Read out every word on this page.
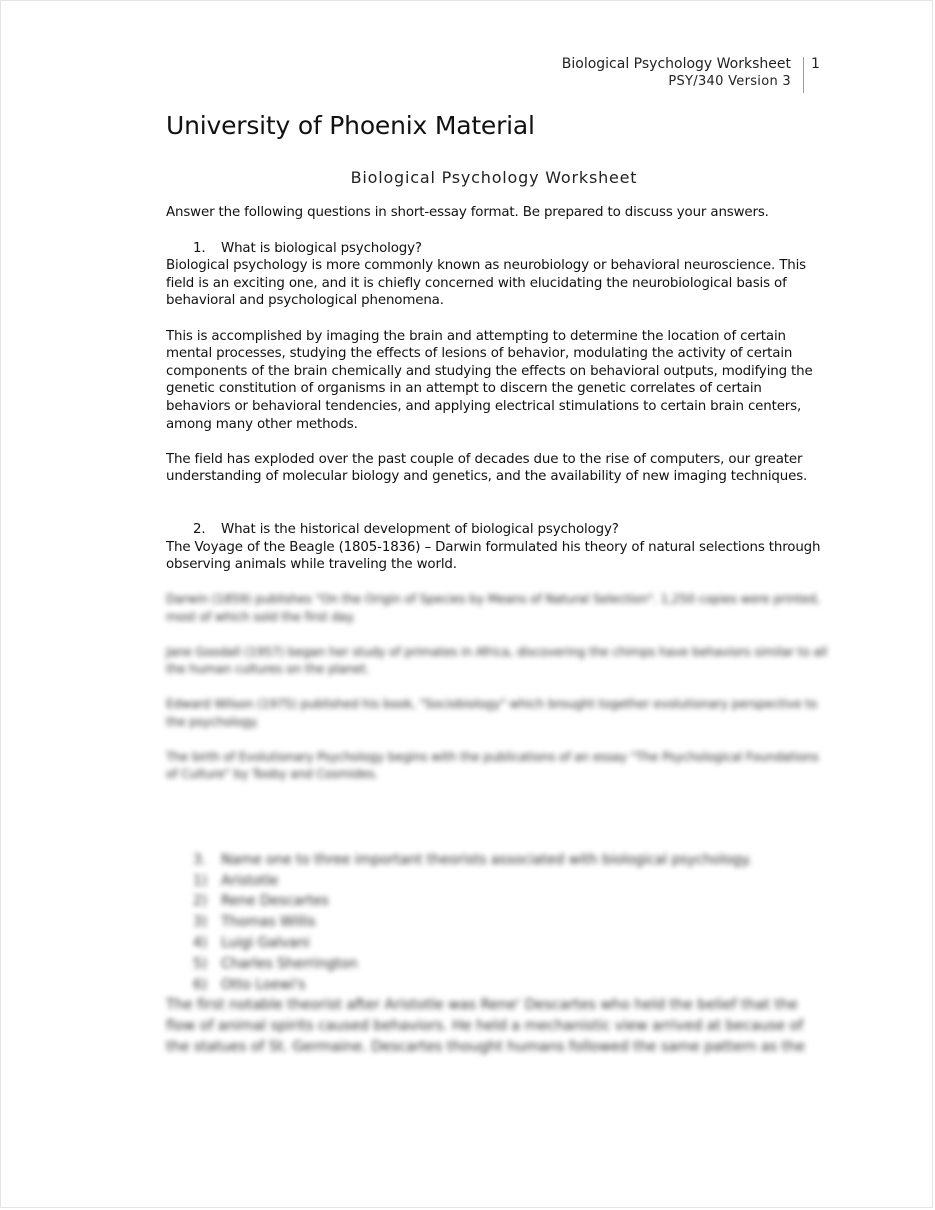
Biological Psychology Worksheet
PSY/340 Version 3
1
University of Phoenix Material
Biological Psychology Worksheet

Answer the following questions in short-essay format. Be prepared to discuss your answers.

1. What is biological psychology?

Biological psychology is more commonly known as neurobiology or behavioral neuroscience. This field is an exciting one, and it is chiefly concerned with elucidating the neurobiological basis of behavioral and psychological phenomena.

This is accomplished by imaging the brain and attempting to determine the location of certain mental processes, studying the effects of lesions of behavior, modulating the activity of certain components of the brain chemically and studying the effects on behavioral outputs, modifying the genetic constitution of organisms in an attempt to discern the genetic correlates of certain behaviors or behavioral tendencies, and applying electrical stimulations to certain brain centers, among many other methods.

The field has exploded over the past couple of decades due to the rise of computers, our greater understanding of molecular biology and genetics, and the availability of new imaging techniques.

2. What is the historical development of biological psychology?

The Voyage of the Beagle (1805-1836) – Darwin formulated his theory of natural selections through observing animals while traveling the world.

Darwin (1859) publishes "On the Origin of Species by Means of Natural Selection". 1,250 copies were printed, most of which sold the first day.

Jane Goodall (1957) began her study of primates in Africa, discovering the chimps have behaviors similar to all the human cultures on the planet.

Edward Wilson (1975) published his book, "Sociobiology" which brought together evolutionary perspective to the psychology.

The birth of Evolutionary Psychology begins with the publications of an essay "The Psychological Foundations of Culture" by Tooby and Cosmides.

3. Name one to three important theorists associated with biological psychology.
1) Aristotle
2) Rene Descartes
3) Thomas Willis
4) Luigi Galvani
5) Charles Sherrington
6) Otto Loewi's

The first notable theorist after Aristotle was Rene' Descartes who held the belief that the flow of animal spirits caused behaviors. He held a mechanistic view arrived at because of the statues of St. Germaine. Descartes thought humans followed the same pattern as the
